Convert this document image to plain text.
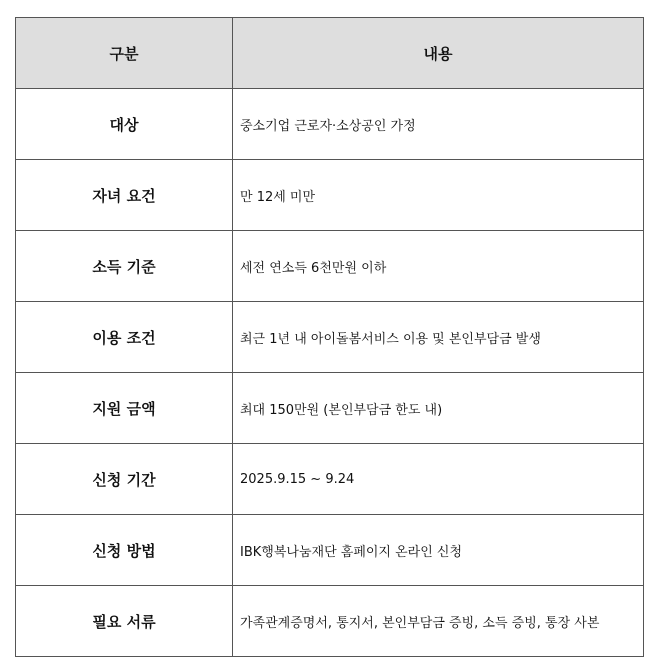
구분	내용
대상	중소기업 근로자·소상공인 가정
자녀 요건	만 12세 미만
소득 기준	세전 연소득 6천만원 이하
이용 조건	최근 1년 내 아이돌봄서비스 이용 및 본인부담금 발생
지원 금액	최대 150만원 (본인부담금 한도 내)
신청 기간	2025.9.15 ~ 9.24
신청 방법	IBK행복나눔재단 홈페이지 온라인 신청
필요 서류	가족관계증명서, 통지서, 본인부담금 증빙, 소득 증빙, 통장 사본
